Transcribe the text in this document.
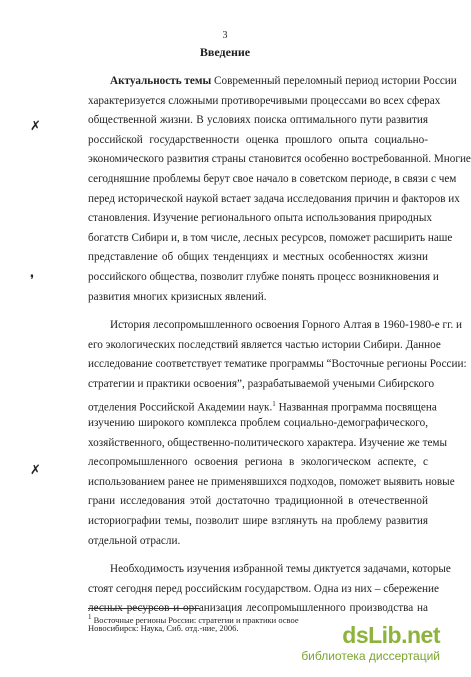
3
Введение
✗
❜
✗
Актуальность темы Современный переломный период истории России
характеризуется сложными противоречивыми процессами во всех сферах
общественной жизни. В условиях поиска оптимального пути развития
российской государственности оценка прошлого опыта социально-
экономического развития страны становится особенно востребованной. Многие
сегодняшние проблемы берут свое начало в советском периоде, в связи с чем
перед исторической наукой встает задача исследования причин и факторов их
становления. Изучение регионального опыта использования природных
богатств Сибири и, в том числе, лесных ресурсов, поможет расширить наше
представление об общих тенденциях и местных особенностях жизни
российского общества, позволит глубже понять процесс возникновения и
развития многих кризисных явлений.
История лесопромышленного освоения Горного Алтая в 1960-1980-е гг. и
его экологических последствий является частью истории Сибири. Данное
исследование соответствует тематике программы “Восточные регионы России:
стратегии и практики освоения”, разрабатываемой учеными Сибирского
отделения Российской Академии наук.$^1$ Названная программа посвящена
изучению широкого комплекса проблем социально-демографического,
хозяйственного, общественно-политического характера. Изучение же темы
лесопромышленного освоения региона в экологическом аспекте, с
использованием ранее не применявшихся подходов, поможет выявить новые
грани исследования этой достаточно традиционной в отечественной
историографии темы, позволит шире взглянуть на проблему развития
отдельной отрасли.
Необходимость изучения избранной темы диктуется задачами, которые
стоят сегодня перед российским государством. Одна из них – сбережение
лесных ресурсов и организация лесопромышленного производства на
$^1$ Восточные регионы России: стратегии и практики освое
Новосибирск: Наука, Сиб. отд.-ние, 2006.	dsLib.net
библиотека диссертаций
